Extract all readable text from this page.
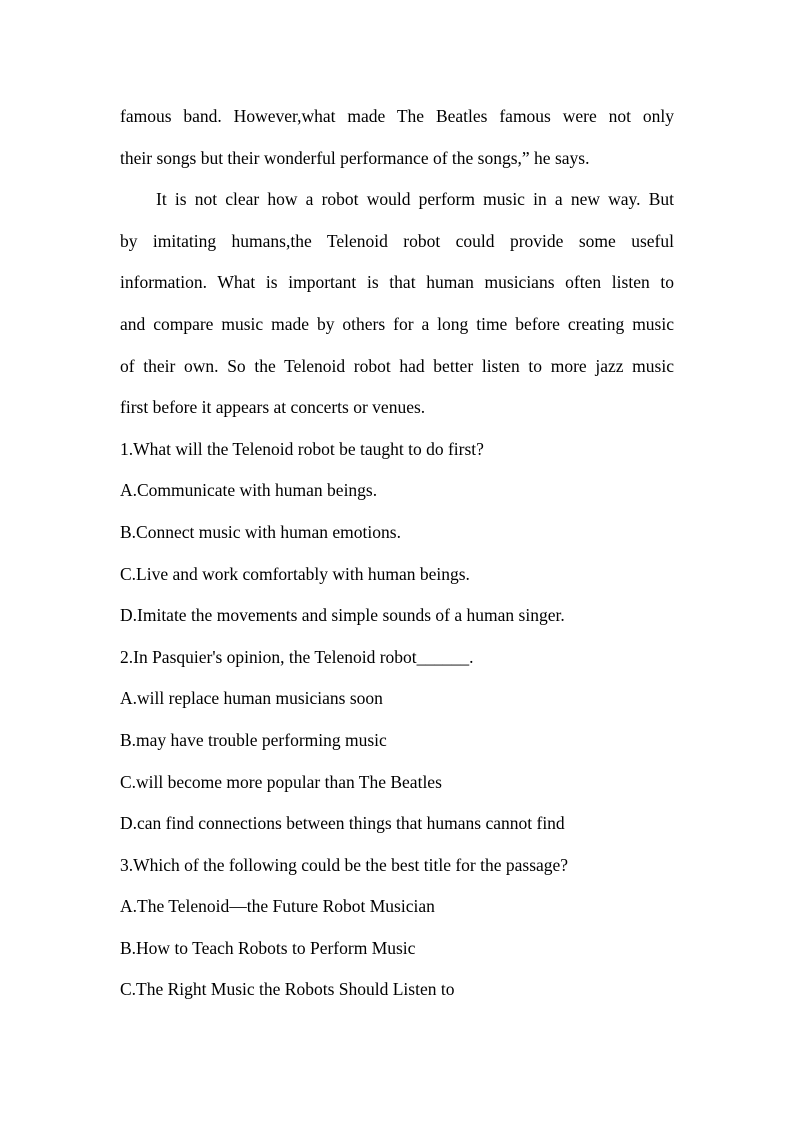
famous band. However,what made The Beatles famous were not only
their songs but their wonderful performance of the songs,” he says.
It is not clear how a robot would perform music in a new way. But
by imitating humans,the Telenoid robot could provide some useful
information. What is important is that human musicians often listen to
and compare music made by others for a long time before creating music
of their own. So the Telenoid robot had better listen to more jazz music
first before it appears at concerts or venues.
1.What will the Telenoid robot be taught to do first?
A.Communicate with human beings.
B.Connect music with human emotions.
C.Live and work comfortably with human beings.
D.Imitate the movements and simple sounds of a human singer.
2.In Pasquier's opinion, the Telenoid robot______.
A.will replace human musicians soon
B.may have trouble performing music
C.will become more popular than The Beatles
D.can find connections between things that humans cannot find
3.Which of the following could be the best title for the passage?
A.The Telenoid—the Future Robot Musician
B.How to Teach Robots to Perform Music
C.The Right Music the Robots Should Listen to
